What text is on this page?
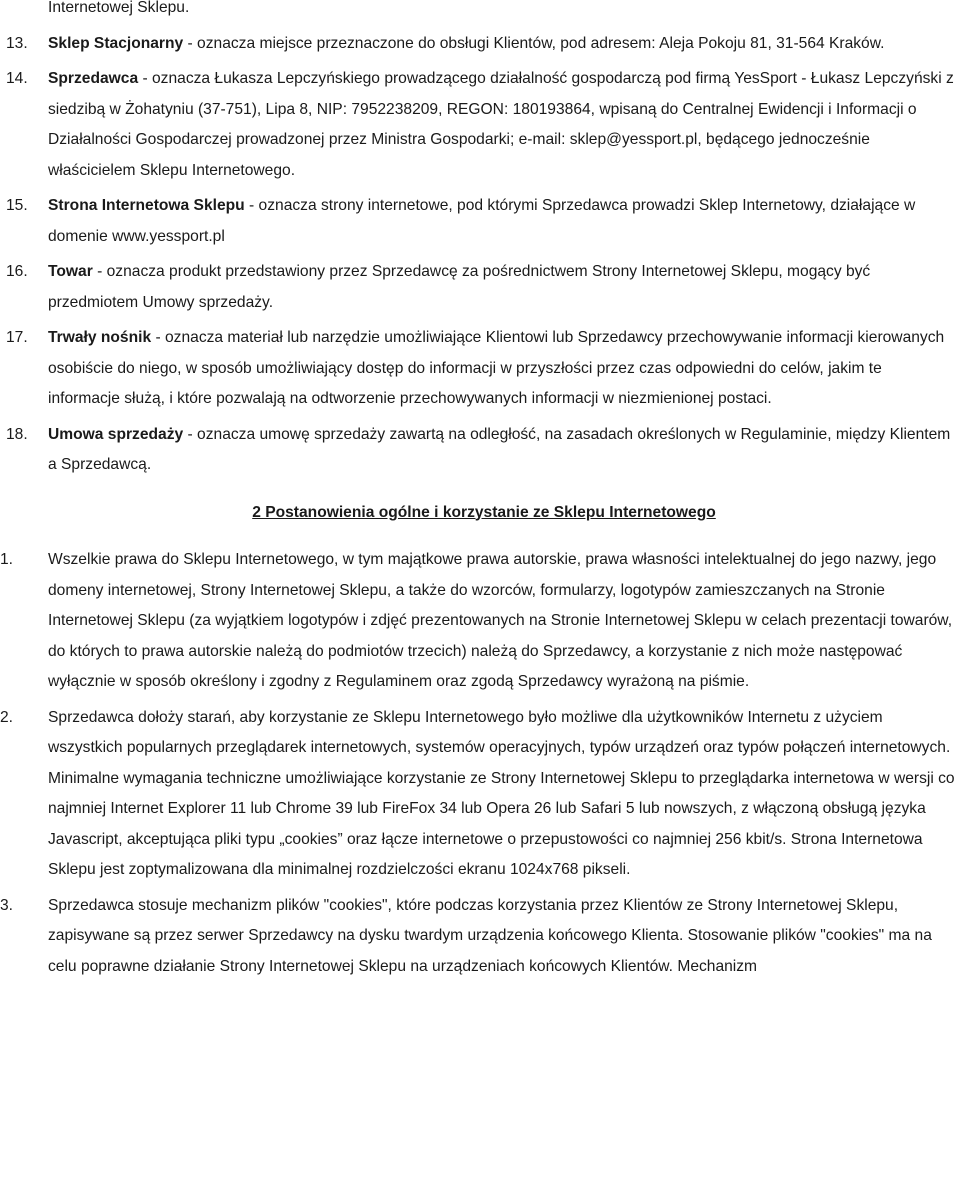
Internetowej Sklepu.
13. Sklep Stacjonarny - oznacza miejsce przeznaczone do obsługi Klientów, pod adresem: Aleja Pokoju 81, 31-564 Kraków.
14. Sprzedawca - oznacza Łukasza Lepczyńskiego prowadzącego działalność gospodarczą pod firmą YesSport - Łukasz Lepczyński z siedzibą w Żohatyniu (37-751), Lipa 8, NIP: 7952238209, REGON: 180193864, wpisaną do Centralnej Ewidencji i Informacji o Działalności Gospodarczej prowadzonej przez Ministra Gospodarki; e-mail: sklep@yessport.pl, będącego jednocześnie właścicielem Sklepu Internetowego.
15. Strona Internetowa Sklepu - oznacza strony internetowe, pod którymi Sprzedawca prowadzi Sklep Internetowy, działające w domenie www.yessport.pl
16. Towar - oznacza produkt przedstawiony przez Sprzedawcę za pośrednictwem Strony Internetowej Sklepu, mogący być przedmiotem Umowy sprzedaży.
17. Trwały nośnik - oznacza materiał lub narzędzie umożliwiające Klientowi lub Sprzedawcy przechowywanie informacji kierowanych osobiście do niego, w sposób umożliwiający dostęp do informacji w przyszłości przez czas odpowiedni do celów, jakim te informacje służą, i które pozwalają na odtworzenie przechowywanych informacji w niezmienionej postaci.
18. Umowa sprzedaży - oznacza umowę sprzedaży zawartą na odległość, na zasadach określonych w Regulaminie, między Klientem a Sprzedawcą.
2 Postanowienia ogólne i korzystanie ze Sklepu Internetowego
1. Wszelkie prawa do Sklepu Internetowego, w tym majątkowe prawa autorskie, prawa własności intelektualnej do jego nazwy, jego domeny internetowej, Strony Internetowej Sklepu, a także do wzorców, formularzy, logotypów zamieszczanych na Stronie Internetowej Sklepu (za wyjątkiem logotypów i zdjęć prezentowanych na Stronie Internetowej Sklepu w celach prezentacji towarów, do których to prawa autorskie należą do podmiotów trzecich) należą do Sprzedawcy, a korzystanie z nich może następować wyłącznie w sposób określony i zgodny z Regulaminem oraz zgodą Sprzedawcy wyrażoną na piśmie.
2. Sprzedawca dołoży starań, aby korzystanie ze Sklepu Internetowego było możliwe dla użytkowników Internetu z użyciem wszystkich popularnych przeglądarek internetowych, systemów operacyjnych, typów urządzeń oraz typów połączeń internetowych. Minimalne wymagania techniczne umożliwiające korzystanie ze Strony Internetowej Sklepu to przeglądarka internetowa w wersji co najmniej Internet Explorer 11 lub Chrome 39 lub FireFox 34 lub Opera 26 lub Safari 5 lub nowszych, z włączoną obsługą języka Javascript, akceptująca pliki typu „cookies” oraz łącze internetowe o przepustowości co najmniej 256 kbit/s. Strona Internetowa Sklepu jest zoptymalizowana dla minimalnej rozdzielczości ekranu 1024x768 pikseli.
3. Sprzedawca stosuje mechanizm plików "cookies", które podczas korzystania przez Klientów ze Strony Internetowej Sklepu, zapisywane są przez serwer Sprzedawcy na dysku twardym urządzenia końcowego Klienta. Stosowanie plików "cookies" ma na celu poprawne działanie Strony Internetowej Sklepu na urządzeniach końcowych Klientów. Mechanizm
